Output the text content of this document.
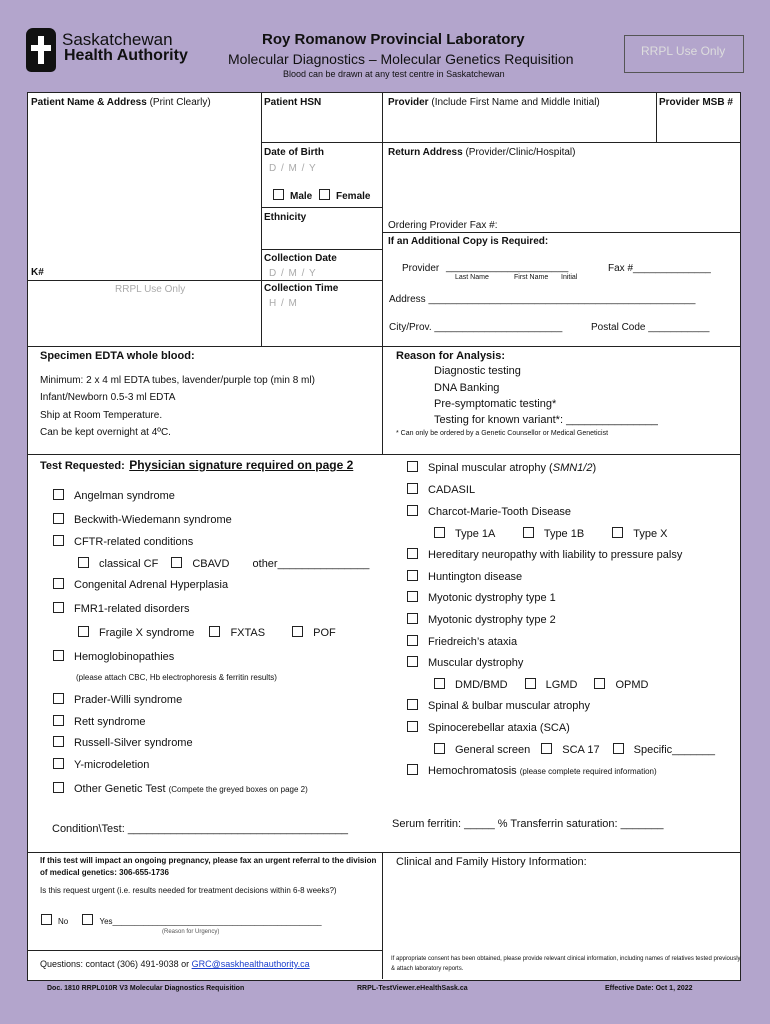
Saskatchewan
Health Authority
Roy Romanow Provincial Laboratory
Molecular Diagnostics – Molecular Genetics Requisition
Blood can be drawn at any test centre in Saskatchewan
RRPL Use Only
Patient Name & Address (Print Clearly)
K#
RRPL Use Only
Patient HSN
Date of Birth
D / M / Y
Male Female
Ethnicity
Collection Date
D / M / Y
Collection Time
H / M
Provider (Include First Name and Middle Initial)	Provider MSB #
Return Address (Provider/Clinic/Hospital)
Ordering Provider Fax #:
If an Additional Copy is Required:
Provider ______________________	Fax #______________
Last Name	First Name Initial
Address ________________________________________________
City/Prov. _______________________	Postal Code ___________
Specimen EDTA whole blood:
Minimum: 2 x 4 ml EDTA tubes, lavender/purple top (min 8 ml)
Infant/Newborn 0.5-3 ml EDTA
Ship at Room Temperature.
Can be kept overnight at 4ºC.
Reason for Analysis:
Diagnostic testing
DNA Banking
Pre-symptomatic testing*
Testing for known variant*: _______________
* Can only be ordered by a Genetic Counsellor or Medical Geneticist
Test Requested: Physician signature required on page 2
Angelman syndrome
Beckwith-Wiedemann syndrome
CFTR-related conditions
classical CF	CBAVD other_______________
Congenital Adrenal Hyperplasia
FMR1-related disorders
Fragile X syndrome	FXTAS	POF
Hemoglobinopathies
(please attach CBC, Hb electrophoresis & ferritin results)
Prader-Willi syndrome
Rett syndrome
Russell-Silver syndrome
Y-microdeletion
Other Genetic Test (Compete the greyed boxes on page 2)
Condition\Test: ____________________________________
Spinal muscular atrophy (SMN1/2)
CADASIL
Charcot-Marie-Tooth Disease
Type 1A	Type 1B	Type X
Hereditary neuropathy with liability to pressure palsy
Huntington disease
Myotonic dystrophy type 1
Myotonic dystrophy type 2
Friedreich’s ataxia
Muscular dystrophy
DMD/BMD	LGMD	OPMD
Spinal & bulbar muscular atrophy
Spinocerebellar ataxia (SCA)
General screen	SCA 17	Specific_______
Hemochromatosis (please complete required information)
Serum ferritin: _____ % Transferrin saturation: _______
If this test will impact an ongoing pregnancy, please fax an urgent referral to the division of medical genetics: 306-655-1736
Is this request urgent (i.e. results needed for treatment decisions within 6-8 weeks?)
No	Yes_______________________________________________
(Reason for Urgency)
Questions: contact (306) 491-9038 or GRC@saskhealthauthority.ca
Clinical and Family History Information:
If appropriate consent has been obtained, please provide relevant clinical information, including names of relatives tested previously & attach laboratory reports.
Doc. 1810 RRPL010R V3 Molecular Diagnostics Requisition	RRPL-TestViewer.eHealthSask.ca	Effective Date: Oct 1, 2022
